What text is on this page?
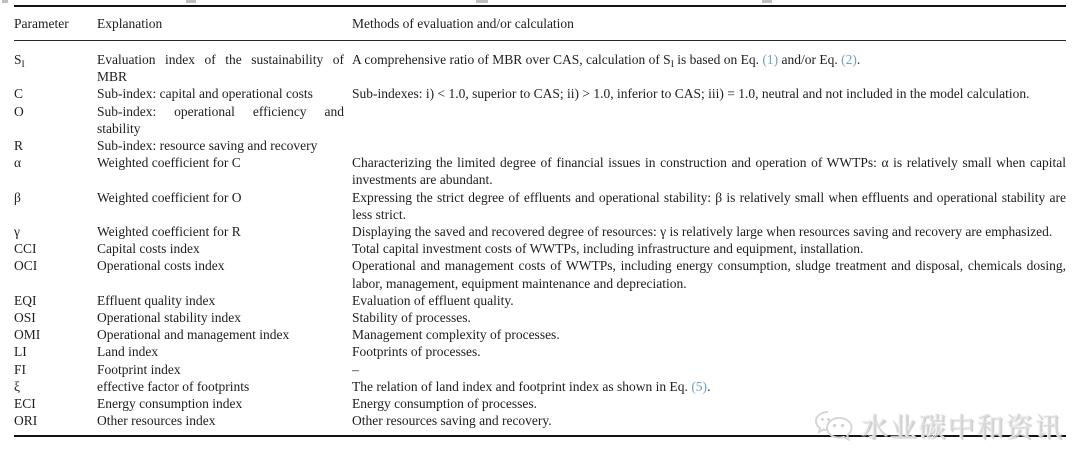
Parameter	Explanation	Methods of evaluation and/or calculation
$S_I$	Evaluation index of the sustainability of MBR	A comprehensive ratio of MBR over CAS, calculation of $S_I$ is based on Eq. (1) and/or Eq. (2).
C	Sub-index: capital and operational costs	Sub-indexes: i) < 1.0, superior to CAS; ii) > 1.0, inferior to CAS; iii) = 1.0, neutral and not included in the model calculation.
O	Sub-index: operational efficiency and stability	
R	Sub-index: resource saving and recovery	
α	Weighted coefficient for C	Characterizing the limited degree of financial issues in construction and operation of WWTPs: α is relatively small when capital investments are abundant.
β	Weighted coefficient for O	Expressing the strict degree of effluents and operational stability: β is relatively small when effluents and operational stability are less strict.
γ	Weighted coefficient for R	Displaying the saved and recovered degree of resources: γ is relatively large when resources saving and recovery are emphasized.
CCI	Capital costs index	Total capital investment costs of WWTPs, including infrastructure and equipment, installation.
OCI	Operational costs index	Operational and management costs of WWTPs, including energy consumption, sludge treatment and disposal, chemicals dosing, labor, management, equipment maintenance and depreciation.
EQI	Effluent quality index	Evaluation of effluent quality.
OSI	Operational stability index	Stability of processes.
OMI	Operational and management index	Management complexity of processes.
LI	Land index	Footprints of processes.
FI	Footprint index	–
ξ	effective factor of footprints	The relation of land index and footprint index as shown in Eq. (5).
ECI	Energy consumption index	Energy consumption of processes.
ORI	Other resources index	Other resources saving and recovery.	水业碳中和资讯
